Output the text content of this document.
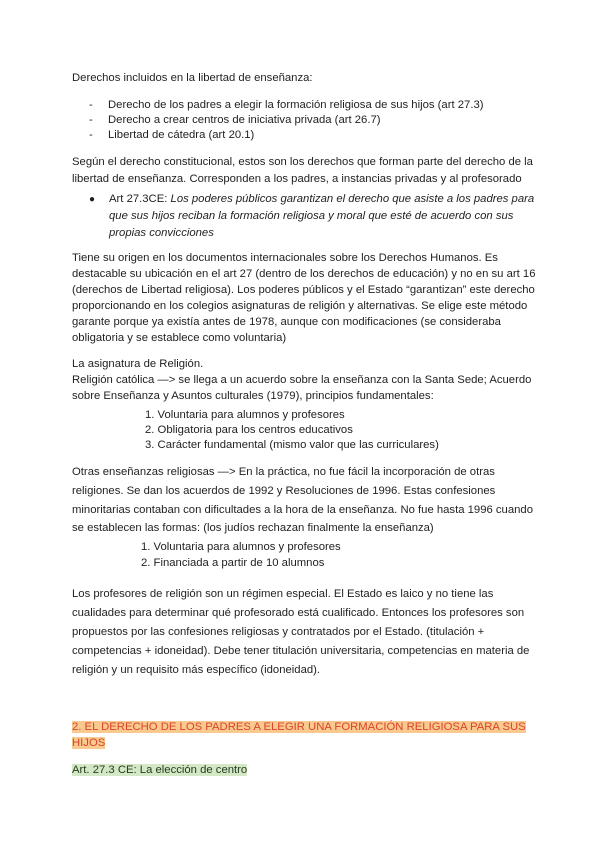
Derechos incluidos en la libertad de enseñanza:
- Derecho de los padres a elegir la formación religiosa de sus hijos (art 27.3)
- Derecho a crear centros de iniciativa privada (art 26.7)
- Libertad de cátedra (art 20.1)
Según el derecho constitucional, estos son los derechos que forman parte del derecho de la
libertad de enseñanza. Corresponden a los padres, a instancias privadas y al profesorado
● Art 27.3CE: Los poderes públicos garantizan el derecho que asiste a los padres para
que sus hijos reciban la formación religiosa y moral que esté de acuerdo con sus
propias convicciones
Tiene su origen en los documentos internacionales sobre los Derechos Humanos. Es
destacable su ubicación en el art 27 (dentro de los derechos de educación) y no en su art 16
(derechos de Libertad religiosa). Los poderes públicos y el Estado “garantizan” este derecho
proporcionando en los colegios asignaturas de religión y alternativas. Se elige este método
garante porque ya existía antes de 1978, aunque con modificaciones (se consideraba
obligatoria y se establece como voluntaria)
La asignatura de Religión.
Religión católica —> se llega a un acuerdo sobre la enseñanza con la Santa Sede; Acuerdo
sobre Enseñanza y Asuntos culturales (1979), principios fundamentales:
1. Voluntaria para alumnos y profesores
2. Obligatoria para los centros educativos
3. Carácter fundamental (mismo valor que las curriculares)
Otras enseñanzas religiosas —> En la práctica, no fue fácil la incorporación de otras
religiones. Se dan los acuerdos de 1992 y Resoluciones de 1996. Estas confesiones
minoritarias contaban con dificultades a la hora de la enseñanza. No fue hasta 1996 cuando
se establecen las formas: (los judíos rechazan finalmente la enseñanza)
1. Voluntaria para alumnos y profesores
2. Financiada a partir de 10 alumnos
Los profesores de religión son un régimen especial. El Estado es laico y no tiene las
cualidades para determinar qué profesorado está cualificado. Entonces los profesores son
propuestos por las confesiones religiosas y contratados por el Estado. (titulación +
competencias + idoneidad). Debe tener titulación universitaria, competencias en materia de
religión y un requisito más específico (idoneidad).
2. EL DERECHO DE LOS PADRES A ELEGIR UNA FORMACIÓN RELIGIOSA PARA SUS
HIJOS
Art. 27.3 CE: La elección de centro
